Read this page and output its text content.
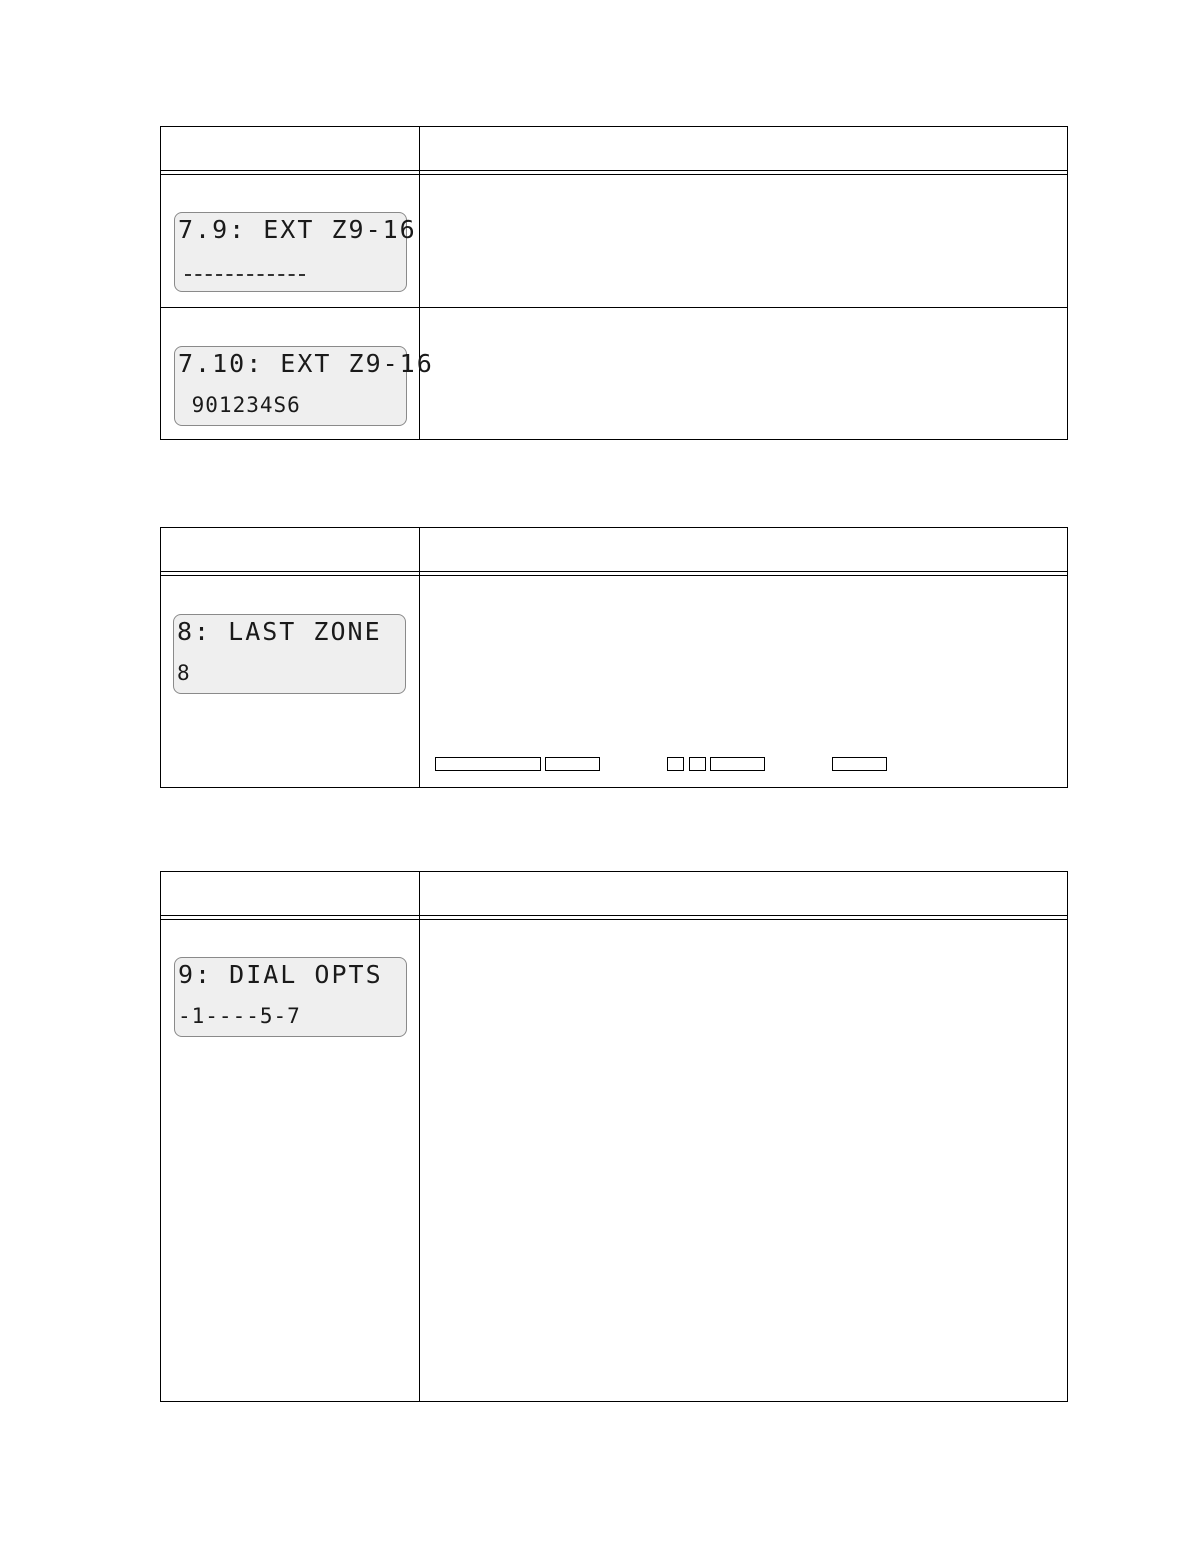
7.9: EXT Z9-16
7.10: EXT Z9-16
901234S6
8: LAST ZONE
8
9: DIAL OPTS
-1----5-7
